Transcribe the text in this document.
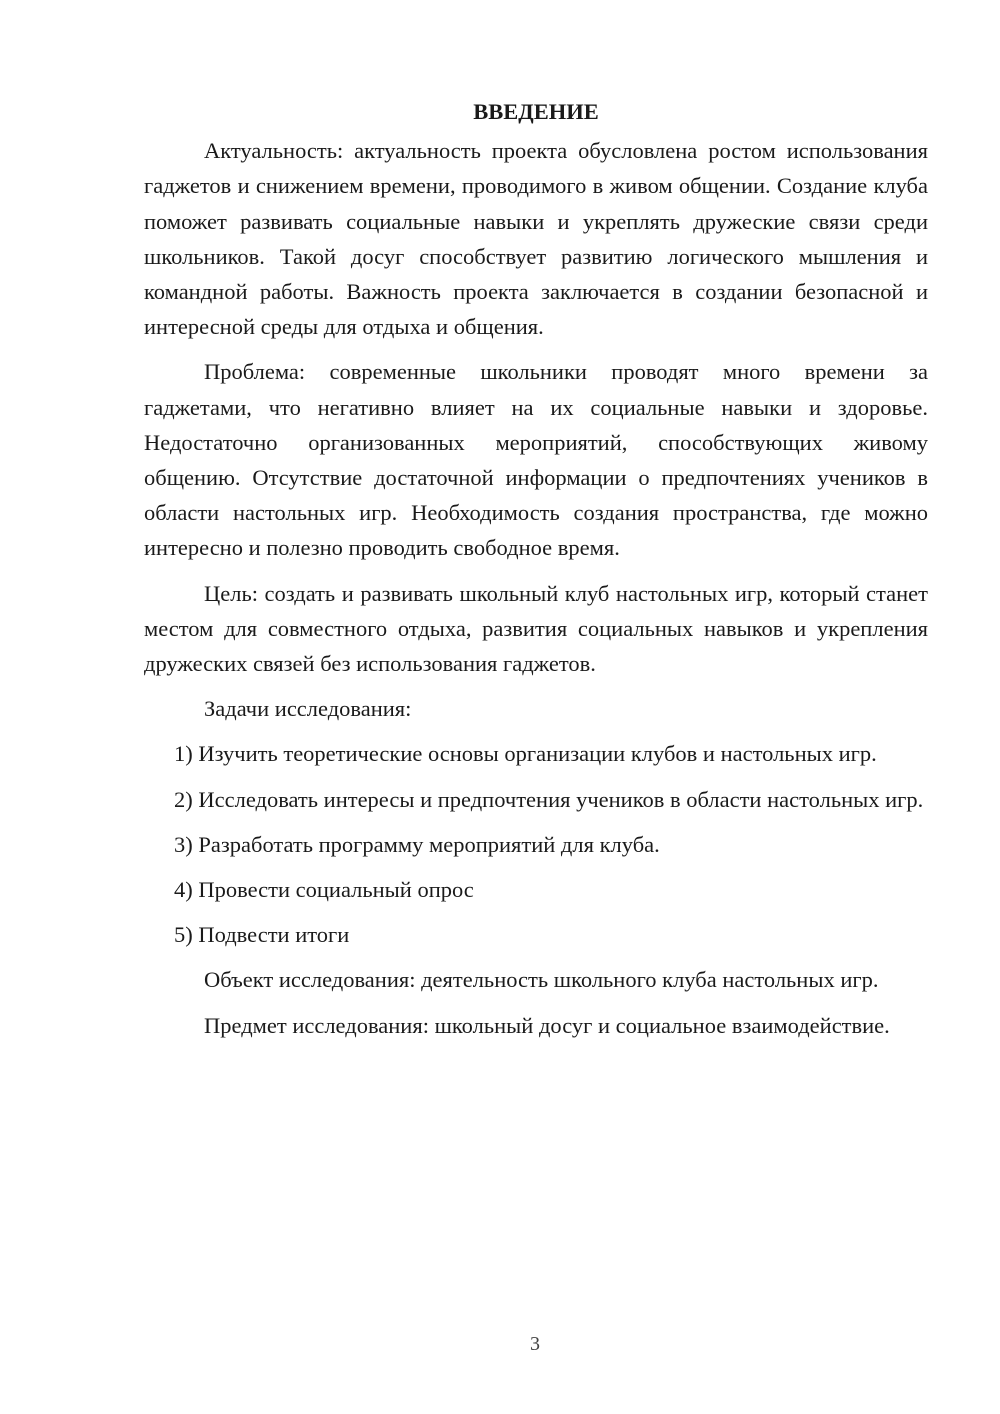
ВВЕДЕНИЕ

Актуальность: актуальность проекта обусловлена ростом использования гаджетов и снижением времени, проводимого в живом общении. Создание клуба поможет развивать социальные навыки и укреплять дружеские связи среди школьников. Такой досуг способствует развитию логического мышления и командной работы. Важность проекта заключается в создании безопасной и интересной среды для отдыха и общения.

Проблема: современные школьники проводят много времени за гаджетами, что негативно влияет на их социальные навыки и здоровье. Недостаточно организованных мероприятий, способствующих живому общению. Отсутствие достаточной информации о предпочтениях учеников в области настольных игр. Необходимость создания пространства, где можно интересно и полезно проводить свободное время.

Цель: создать и развивать школьный клуб настольных игр, который станет местом для совместного отдыха, развития социальных навыков и укрепления дружеских связей без использования гаджетов.

Задачи исследования:

1) Изучить теоретические основы организации клубов и настольных игр.

2) Исследовать интересы и предпочтения учеников в области настольных игр.

3) Разработать программу мероприятий для клуба.

4) Провести социальный опрос

5) Подвести итоги

Объект исследования: деятельность школьного клуба настольных игр.

Предмет исследования: школьный досуг и социальное взаимодействие.

3
